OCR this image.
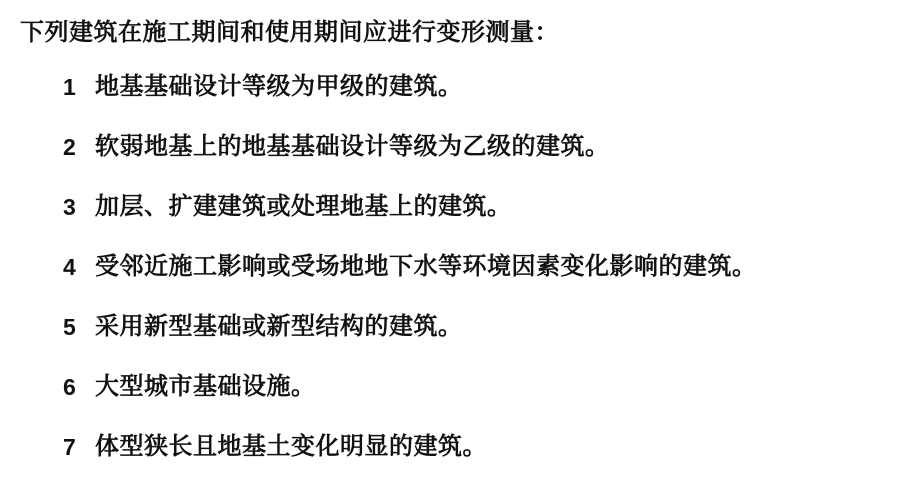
下列建筑在施工期间和使用期间应进行变形测量：
1 地基基础设计等级为甲级的建筑。
2 软弱地基上的地基基础设计等级为乙级的建筑。
3 加层、扩建建筑或处理地基上的建筑。
4 受邻近施工影响或受场地地下水等环境因素变化影响的建筑。
5 采用新型基础或新型结构的建筑。
6 大型城市基础设施。
7 体型狭长且地基土变化明显的建筑。
